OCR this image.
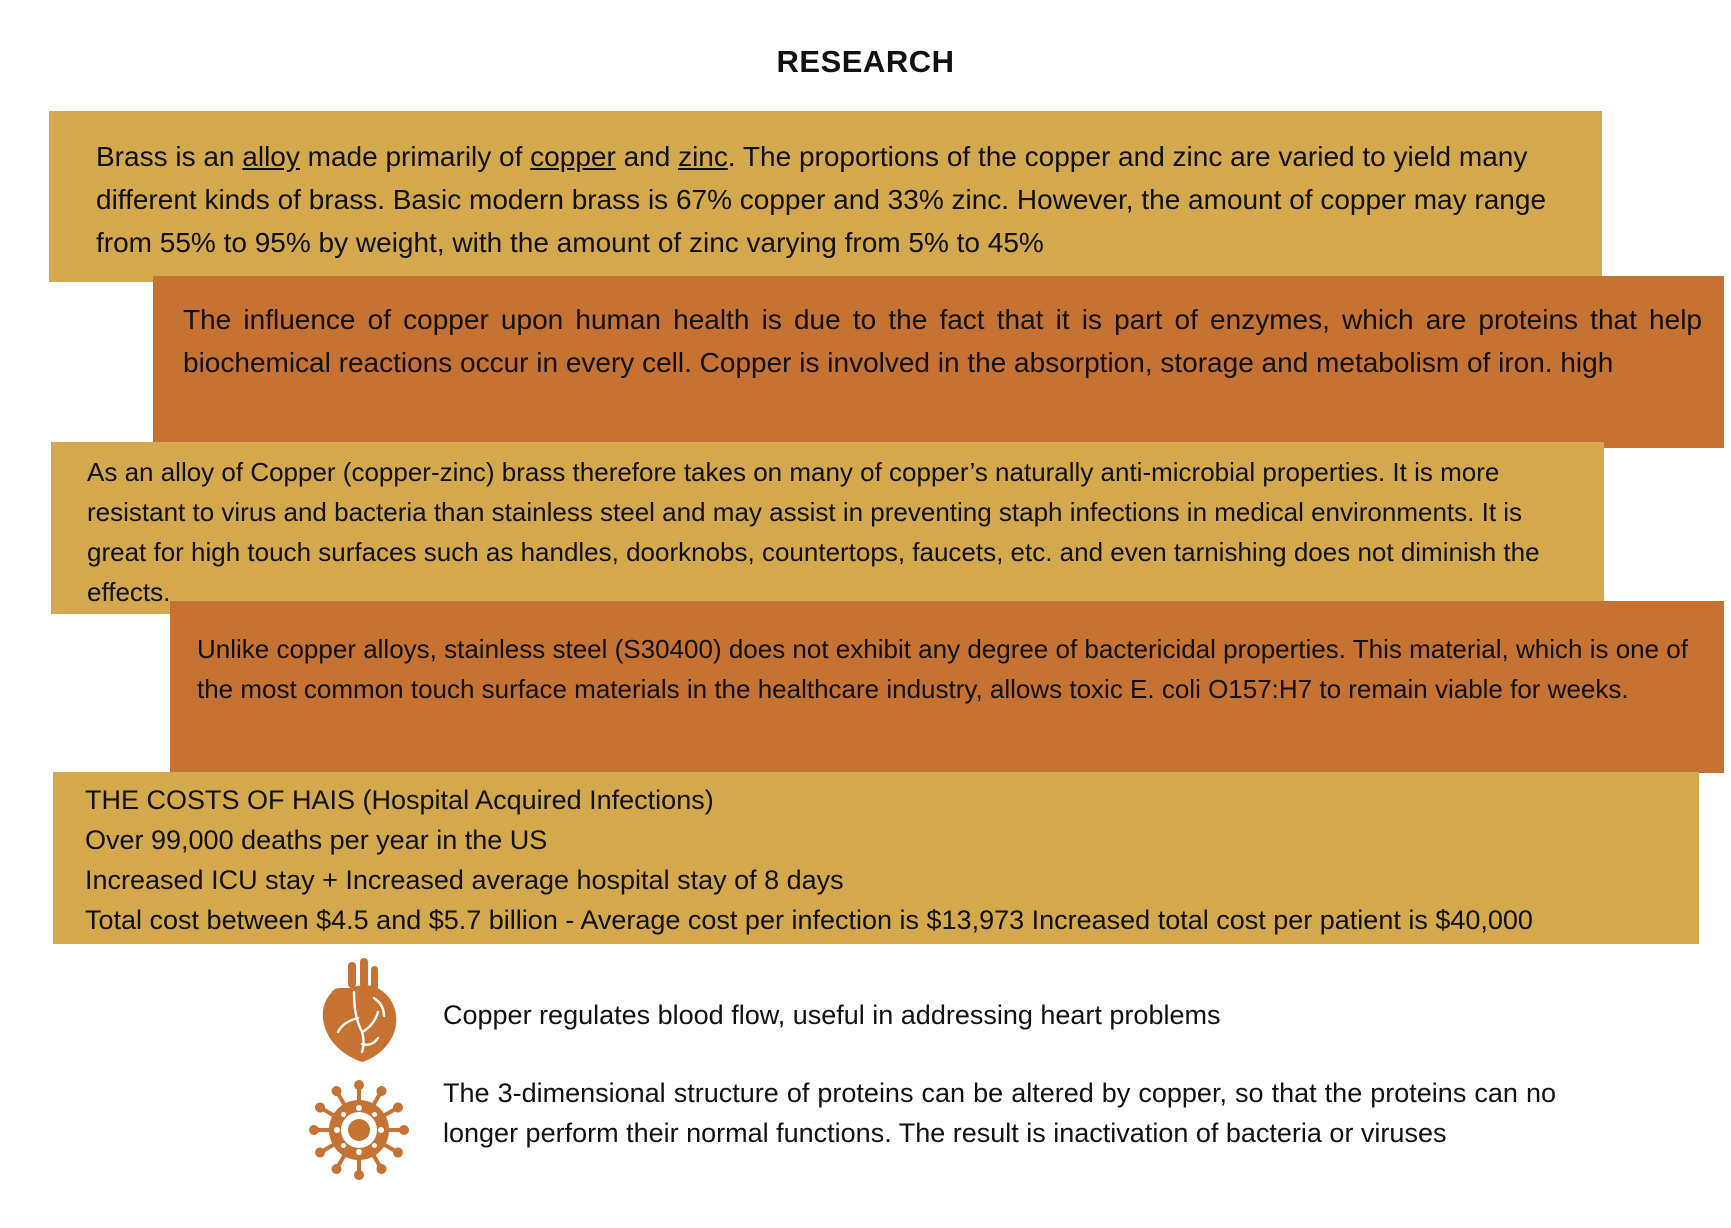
RESEARCH
Brass is an alloy made primarily of copper and zinc. The proportions of the copper and zinc are varied to yield many different kinds of brass. Basic modern brass is 67% copper and 33% zinc. However, the amount of copper may range from 55% to 95% by weight, with the amount of zinc varying from 5% to 45%
The influence of copper upon human health is due to the fact that it is part of enzymes, which are proteins that help biochemical reactions occur in every cell. Copper is involved in the absorption, storage and metabolism of iron. high
As an alloy of Copper (copper-zinc) brass therefore takes on many of copper’s naturally anti-microbial properties. It is more resistant to virus and bacteria than stainless steel and may assist in preventing staph infections in medical environments. It is great for high touch surfaces such as handles, doorknobs, countertops, faucets, etc. and even tarnishing does not diminish the effects.
Unlike copper alloys, stainless steel (S30400) does not exhibit any degree of bactericidal properties. This material, which is one of the most common touch surface materials in the healthcare industry, allows toxic E. coli O157:H7 to remain viable for weeks.
THE COSTS OF HAIS (Hospital Acquired Infections)
Over 99,000 deaths per year in the US
Increased ICU stay + Increased average hospital stay of 8 days
Total cost between $4.5 and $5.7 billion - Average cost per infection is $13,973 Increased total cost per patient is $40,000
Copper regulates blood flow, useful in addressing heart problems
The 3-dimensional structure of proteins can be altered by copper, so that the proteins can no longer perform their normal functions. The result is inactivation of bacteria or viruses
